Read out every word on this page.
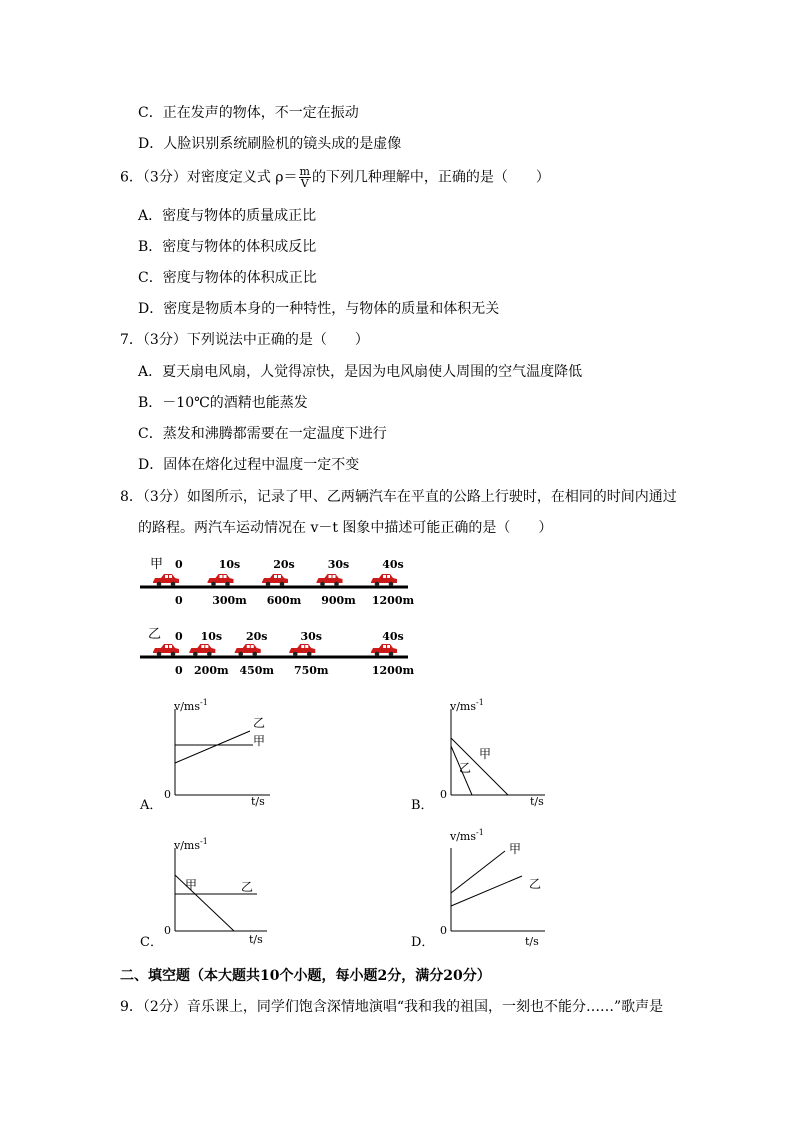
C．正在发声的物体，不一定在振动
D．人脸识别系统刷脸机的镜头成的是虚像
6．（3分）对密度定义式 $\rho= \frac{m}{V}$ 的下列几种理解中，正确的是（　　）
A．密度与物体的质量成正比
B．密度与物体的体积成反比
C．密度与物体的体积成正比
D．密度是物质本身的一种特性，与物体的质量和体积无关
7．（3分）下列说法中正确的是（　　）
A．夏天扇电风扇，人觉得凉快，是因为电风扇使人周围的空气温度降低
B．－10℃的酒精也能蒸发
C．蒸发和沸腾都需要在一定温度下进行
D．固体在熔化过程中温度一定不变
8．（3分）如图所示，记录了甲、乙两辆汽车在平直的公路上行驶时，在相同的时间内通过
的路程。两汽车运动情况在 v－t 图象中描述可能正确的是（　　）
甲 0	10s	20s	30s	40s
0	300m 600m 900m 1200m
乙 0 10s 20s	30s	40s
0 200m 450m 750m	1200m
$v/ms^{-1}$
0
t/s
乙
甲
A．
$v/ms^{-1}$
0
t/s
甲
乙
B．
$v/ms^{-1}$
0
t/s
甲	乙
C．
$v/ms^{-1}$
0
t/s
甲
乙
D．
二、填空题（本大题共10个小题，每小题2分，满分20分）
9．（2分）音乐课上，同学们饱含深情地演唱“我和我的祖国，一刻也不能分……”歌声是
